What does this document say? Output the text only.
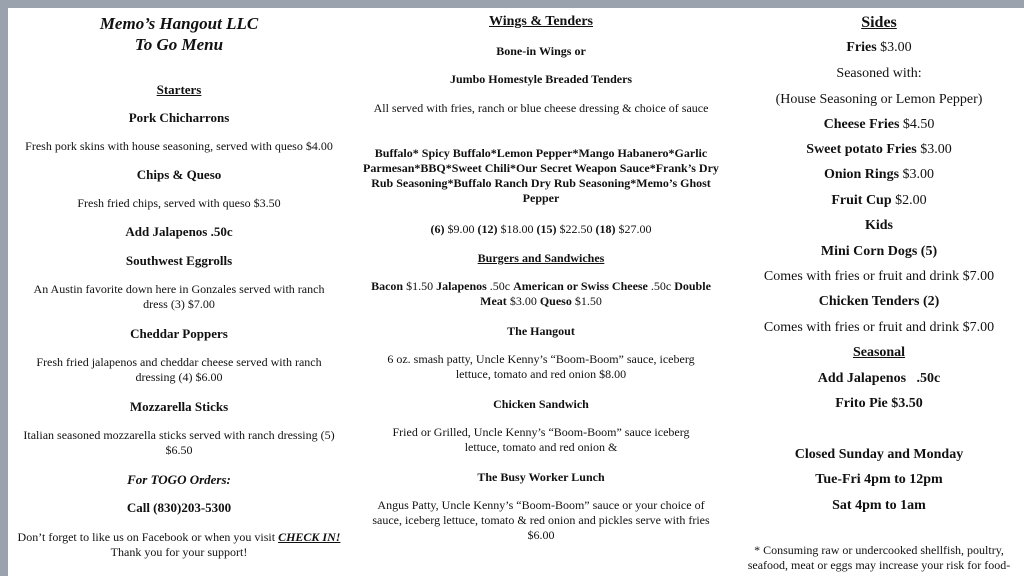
Memo’s Hangout LLC

To Go Menu

Starters

Pork Chicharrons

Fresh pork skins with house seasoning, served with queso $4.00

Chips & Queso

Fresh fried chips, served with queso $3.50

Add Jalapenos .50c

Southwest Eggrolls

An Austin favorite down here in Gonzales served with ranch dress (3) $7.00

Cheddar Poppers

Fresh fried jalapenos and cheddar cheese served with ranch dressing (4) $6.00

Mozzarella Sticks

Italian seasoned mozzarella sticks served with ranch dressing (5) $6.50

For TOGO Orders:

Call (830)203-5300

Don’t forget to like us on Facebook or when you visit CHECK IN! Thank you for your support!

Wings & Tenders

Bone-in Wings or

Jumbo Homestyle Breaded Tenders

All served with fries, ranch or blue cheese dressing & choice of sauce

Buffalo* Spicy Buffalo*Lemon Pepper*Mango Habanero*Garlic Parmesan*BBQ*Sweet Chili*Our Secret Weapon Sauce*Frank’s Dry Rub Seasoning*Buffalo Ranch Dry Rub Seasoning*Memo’s Ghost Pepper

(6) $9.00 (12) $18.00 (15) $22.50 (18) $27.00

Burgers and Sandwiches

Bacon $1.50 Jalapenos .50c American or Swiss Cheese .50c Double Meat $3.00 Queso $1.50

The Hangout

6 oz. smash patty, Uncle Kenny’s “Boom-Boom” sauce, iceberg lettuce, tomato and red onion $8.00

Chicken Sandwich

Fried or Grilled, Uncle Kenny’s “Boom-Boom” sauce iceberg lettuce, tomato and red onion &

The Busy Worker Lunch

Angus Patty, Uncle Kenny’s “Boom-Boom” sauce or your choice of sauce, iceberg lettuce, tomato & red onion and pickles serve with fries $6.00

Sides

Fries $3.00

Seasoned with:

(House Seasoning or Lemon Pepper)

Cheese Fries $4.50

Sweet potato Fries $3.00

Onion Rings $3.00

Fruit Cup $2.00

Kids

Mini Corn Dogs (5)

Comes with fries or fruit and drink $7.00

Chicken Tenders (2)

Comes with fries or fruit and drink $7.00

Seasonal

Add Jalapenos   .50c

Frito Pie $3.50

Closed Sunday and Monday

Tue-Fri 4pm to 12pm

Sat 4pm to 1am

* Consuming raw or undercooked shellfish, poultry, seafood, meat or eggs may increase your risk for food-
